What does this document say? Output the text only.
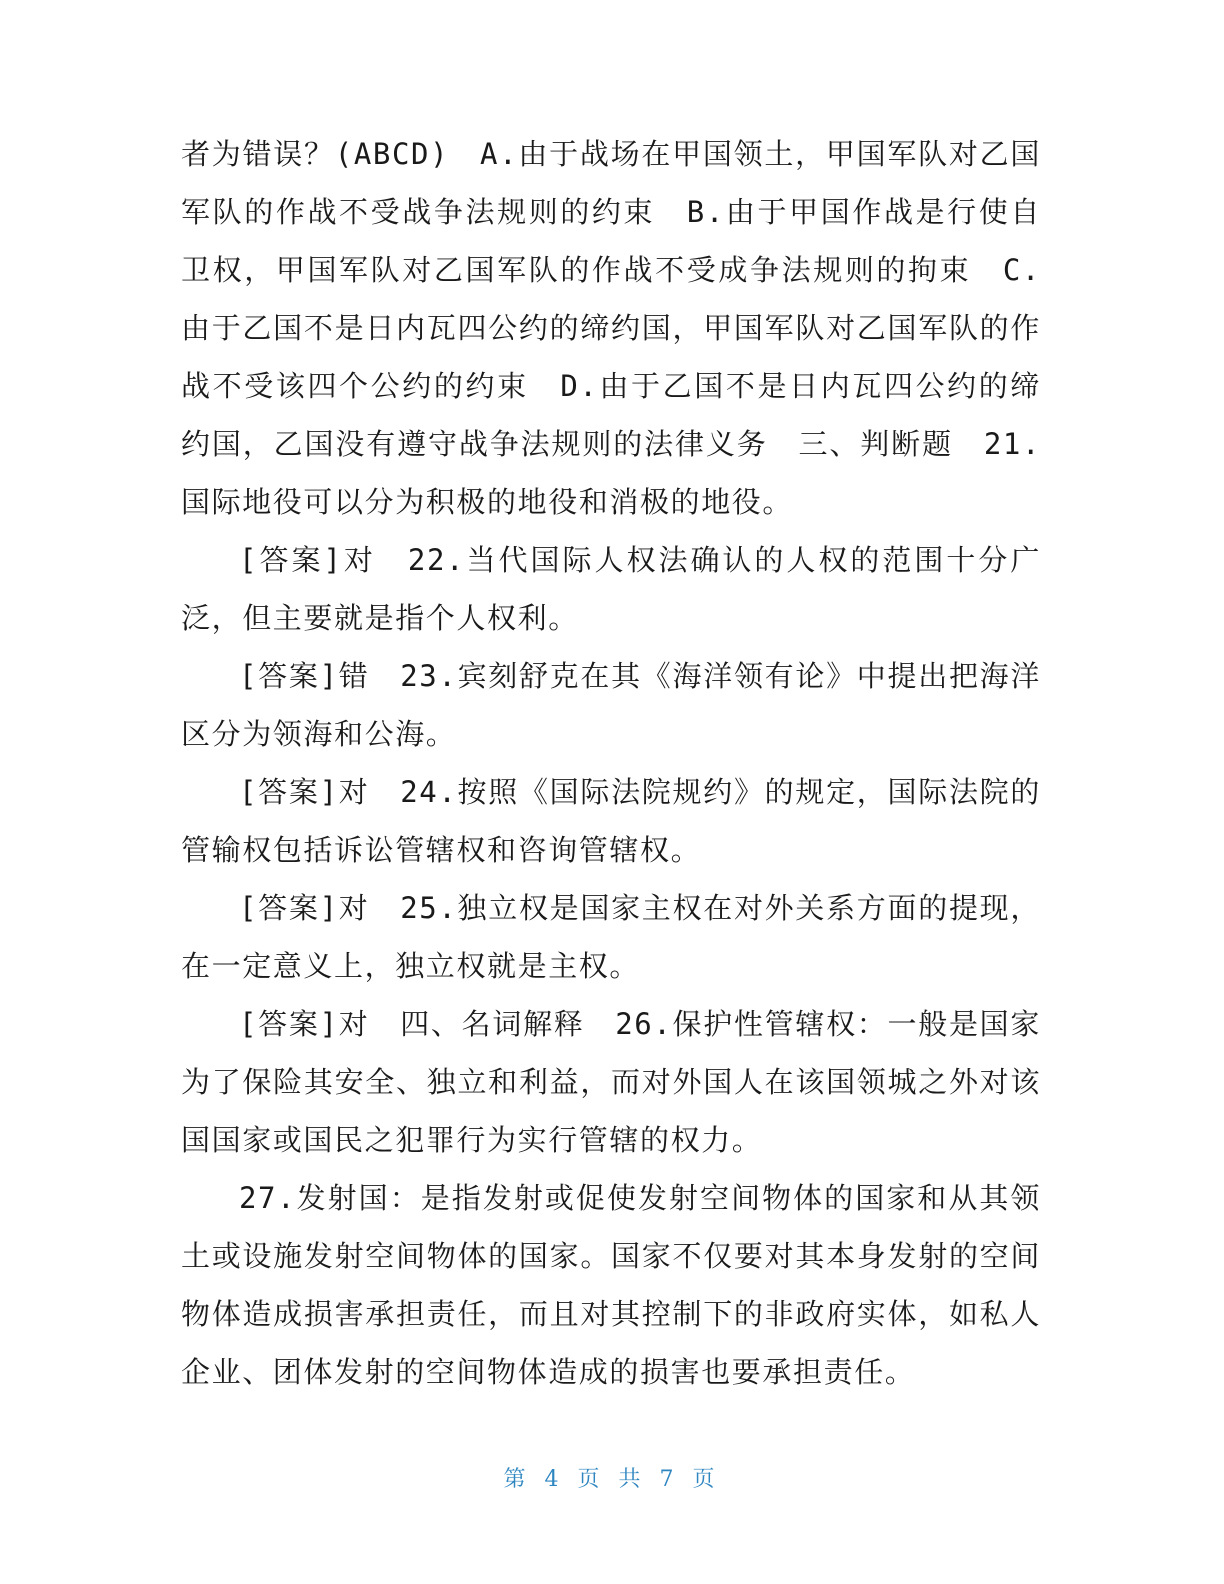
者为错误？(ABCD)　A.由于战场在甲国领土，甲国军队对乙国军队的作战不受战争法规则的约束　B.由于甲国作战是行使自卫权，甲国军队对乙国军队的作战不受成争法规则的拘束　C.由于乙国不是日内瓦四公约的缔约国，甲国军队对乙国军队的作战不受该四个公约的约束　D.由于乙国不是日内瓦四公约的缔约国，乙国没有遵守战争法规则的法律义务　三、判断题　21.国际地役可以分为积极的地役和消极的地役。

[答案]对　22.当代国际人权法确认的人权的范围十分广泛，但主要就是指个人权利。

[答案]错　23.宾刻舒克在其《海洋领有论》中提出把海洋区分为领海和公海。

[答案]对　24.按照《国际法院规约》的规定，国际法院的管输权包括诉讼管辖权和咨询管辖权。

[答案]对　25.独立权是国家主权在对外关系方面的提现，在一定意义上，独立权就是主权。

[答案]对　四、名词解释　26.保护性管辖权：一般是国家为了保险其安全、独立和利益，而对外国人在该国领城之外对该国国家或国民之犯罪行为实行管辖的权力。

27.发射国：是指发射或促使发射空间物体的国家和从其领土或设施发射空间物体的国家。国家不仅要对其本身发射的空间物体造成损害承担责任，而且对其控制下的非政府实体，如私人企业、团体发射的空间物体造成的损害也要承担责任。

第 4 页 共 7 页
